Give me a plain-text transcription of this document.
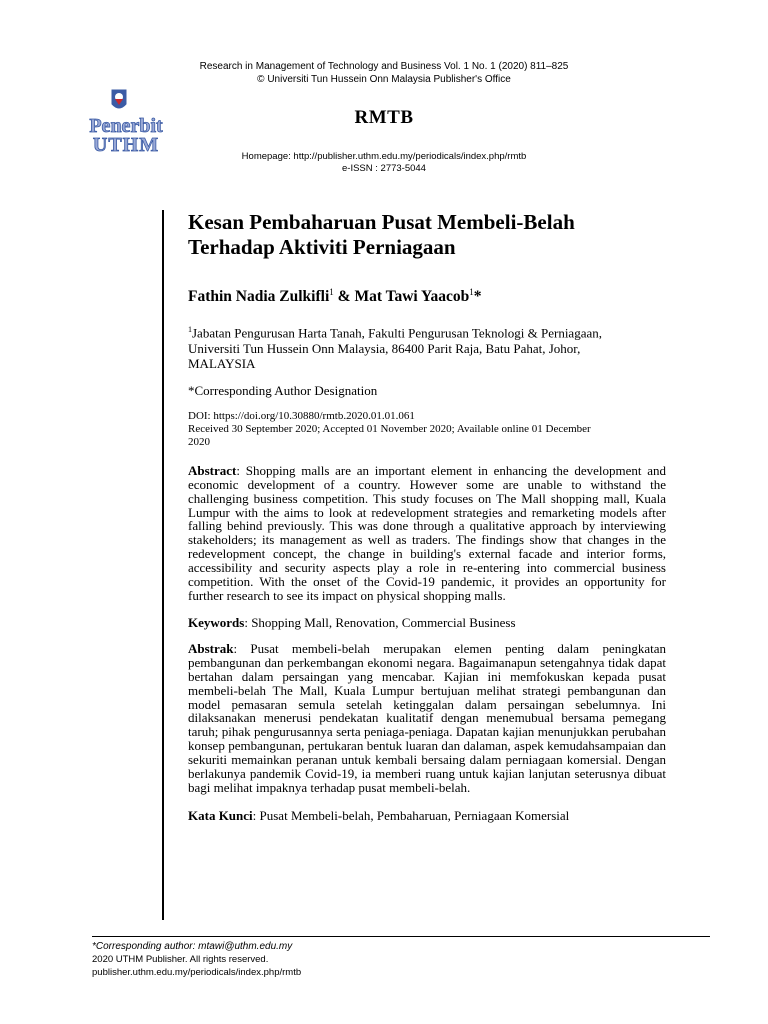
Research in Management of Technology and Business Vol. 1 No. 1 (2020) 811–825
© Universiti Tun Hussein Onn Malaysia Publisher's Office
Penerbit
UTHM
RMTB
Homepage: http://publisher.uthm.edu.my/periodicals/index.php/rmtb
e-ISSN : 2773-5044
Kesan Pembaharuan Pusat Membeli-Belah
Terhadap Aktiviti Perniagaan
Fathin Nadia Zulkifli$^1$ & Mat Tawi Yaacob$^1$*
$^1$Jabatan Pengurusan Harta Tanah, Fakulti Pengurusan Teknologi & Perniagaan,
Universiti Tun Hussein Onn Malaysia, 86400 Parit Raja, Batu Pahat, Johor,
MALAYSIA
*Corresponding Author Designation
DOI: https://doi.org/10.30880/rmtb.2020.01.01.061
Received 30 September 2020; Accepted 01 November 2020; Available online 01 December
2020
Abstract: Shopping malls are an important element in enhancing the development and economic development of a country. However some are unable to withstand the challenging business competition. This study focuses on The Mall shopping mall, Kuala Lumpur with the aims to look at redevelopment strategies and remarketing models after falling behind previously. This was done through a qualitative approach by interviewing stakeholders; its management as well as traders. The findings show that changes in the redevelopment concept, the change in building's external facade and interior forms, accessibility and security aspects play a role in re-entering into commercial business competition. With the onset of the Covid-19 pandemic, it provides an opportunity for further research to see its impact on physical shopping malls.
Keywords: Shopping Mall, Renovation, Commercial Business
Abstrak: Pusat membeli-belah merupakan elemen penting dalam peningkatan pembangunan dan perkembangan ekonomi negara. Bagaimanapun setengahnya tidak dapat bertahan dalam persaingan yang mencabar. Kajian ini memfokuskan kepada pusat membeli-belah The Mall, Kuala Lumpur bertujuan melihat strategi pembangunan dan model pemasaran semula setelah ketinggalan dalam persaingan sebelumnya. Ini dilaksanakan menerusi pendekatan kualitatif dengan menemubual bersama pemegang taruh; pihak pengurusannya serta peniaga-peniaga. Dapatan kajian menunjukkan perubahan konsep pembangunan, pertukaran bentuk luaran dan dalaman, aspek kemudahsampaian dan sekuriti memainkan peranan untuk kembali bersaing dalam perniagaan komersial. Dengan berlakunya pandemik Covid-19, ia memberi ruang untuk kajian lanjutan seterusnya dibuat bagi melihat impaknya terhadap pusat membeli-belah.
Kata Kunci: Pusat Membeli-belah, Pembaharuan, Perniagaan Komersial
*Corresponding author: mtawi@uthm.edu.my
2020 UTHM Publisher. All rights reserved.
publisher.uthm.edu.my/periodicals/index.php/rmtb
